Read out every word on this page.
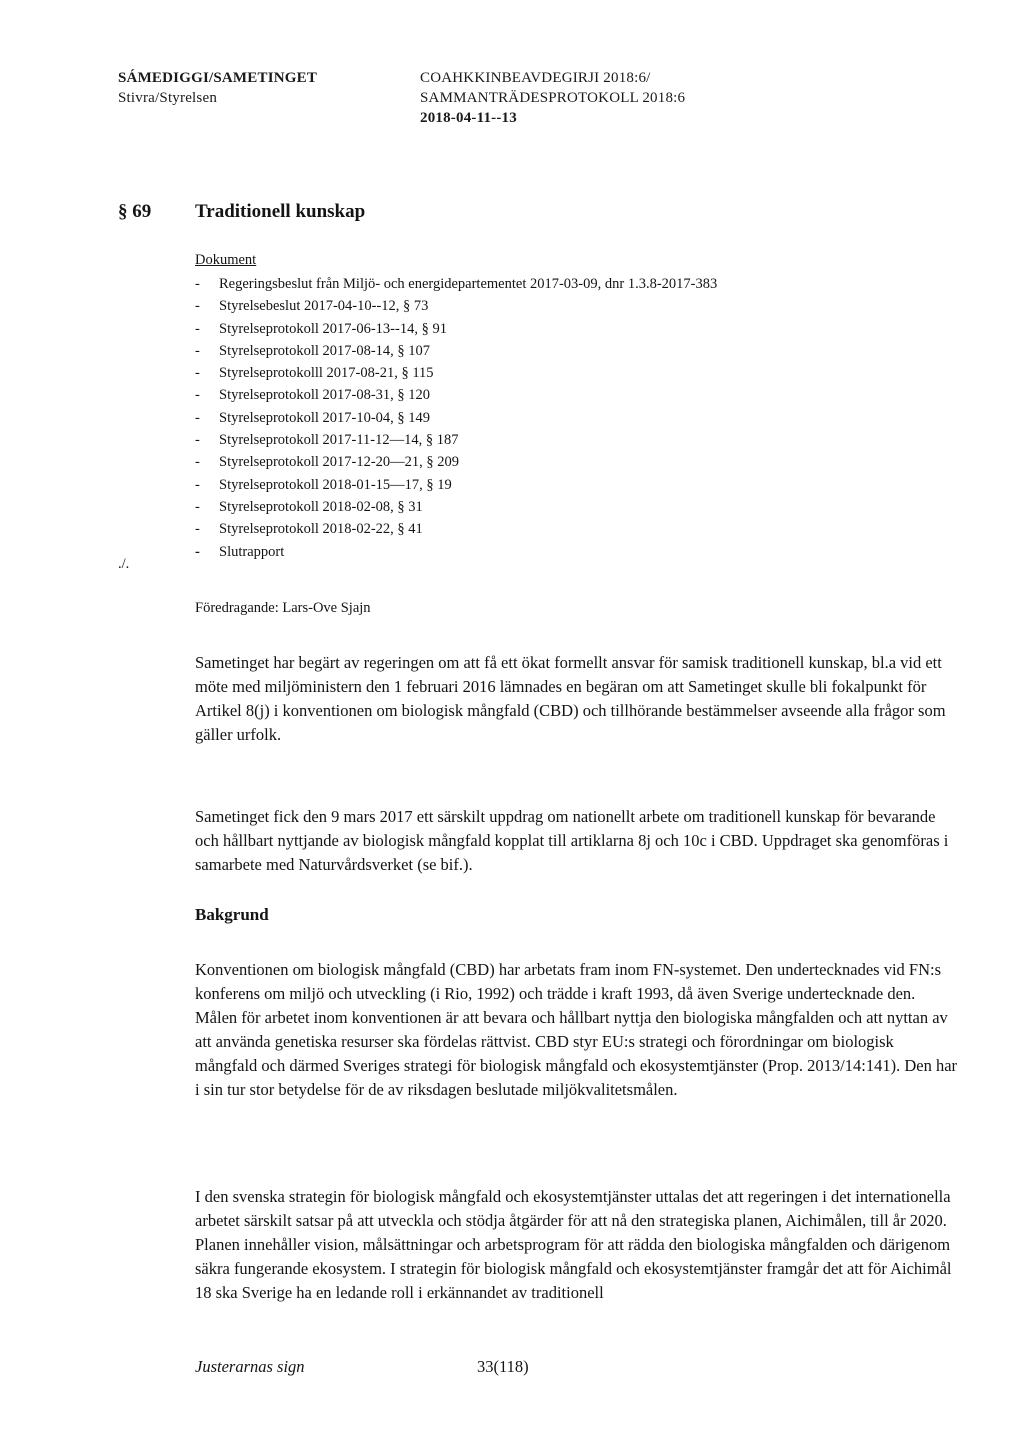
SÁMEDIGGI/SAMETINGET
Stivra/Styrelsen
COAHKKINBEAVDEGIRJI 2018:6/
SAMMANTRÄDESPROTOKOLL 2018:6
2018-04-11--13
§ 69 Traditionell kunskap
Dokument
- Regeringsbeslut från Miljö- och energidepartementet 2017-03-09, dnr 1.3.8-2017-383
- Styrelsebeslut 2017-04-10--12, § 73
- Styrelseprotokoll 2017-06-13--14, § 91
- Styrelseprotokoll 2017-08-14, § 107
- Styrelseprotokolll 2017-08-21, § 115
- Styrelseprotokoll 2017-08-31, § 120
- Styrelseprotokoll 2017-10-04, § 149
- Styrelseprotokoll 2017-11-12—14, § 187
- Styrelseprotokoll 2017-12-20—21, § 209
- Styrelseprotokoll 2018-01-15—17, § 19
- Styrelseprotokoll 2018-02-08, § 31
- Styrelseprotokoll 2018-02-22, § 41
- Slutrapport
./.
Föredragande: Lars-Ove Sjajn

Sametinget har begärt av regeringen om att få ett ökat formellt ansvar för samisk traditionell kunskap, bl.a vid ett möte med miljöministern den 1 februari 2016 lämnades en begäran om att Sametinget skulle bli fokalpunkt för Artikel 8(j) i konventionen om biologisk mångfald (CBD) och tillhörande bestämmelser avseende alla frågor som gäller urfolk.

Sametinget fick den 9 mars 2017 ett särskilt uppdrag om nationellt arbete om traditionell kunskap för bevarande och hållbart nyttjande av biologisk mångfald kopplat till artiklarna 8j och 10c i CBD. Uppdraget ska genomföras i samarbete med Naturvårdsverket (se bif.).

Bakgrund

Konventionen om biologisk mångfald (CBD) har arbetats fram inom FN-systemet. Den undertecknades vid FN:s konferens om miljö och utveckling (i Rio, 1992) och trädde i kraft 1993, då även Sverige undertecknade den. Målen för arbetet inom konventionen är att bevara och hållbart nyttja den biologiska mångfalden och att nyttan av att använda genetiska resurser ska fördelas rättvist. CBD styr EU:s strategi och förordningar om biologisk mångfald och därmed Sveriges strategi för biologisk mångfald och ekosystemtjänster (Prop. 2013/14:141). Den har i sin tur stor betydelse för de av riksdagen beslutade miljökvalitetsmålen.

I den svenska strategin för biologisk mångfald och ekosystemtjänster uttalas det att regeringen i det internationella arbetet särskilt satsar på att utveckla och stödja åtgärder för att nå den strategiska planen, Aichimålen, till år 2020. Planen innehåller vision, målsättningar och arbetsprogram för att rädda den biologiska mångfalden och därigenom säkra fungerande ekosystem. I strategin för biologisk mångfald och ekosystemtjänster framgår det att för Aichimål 18 ska Sverige ha en ledande roll i erkännandet av traditionell

Justerarnas sign	33(118)
